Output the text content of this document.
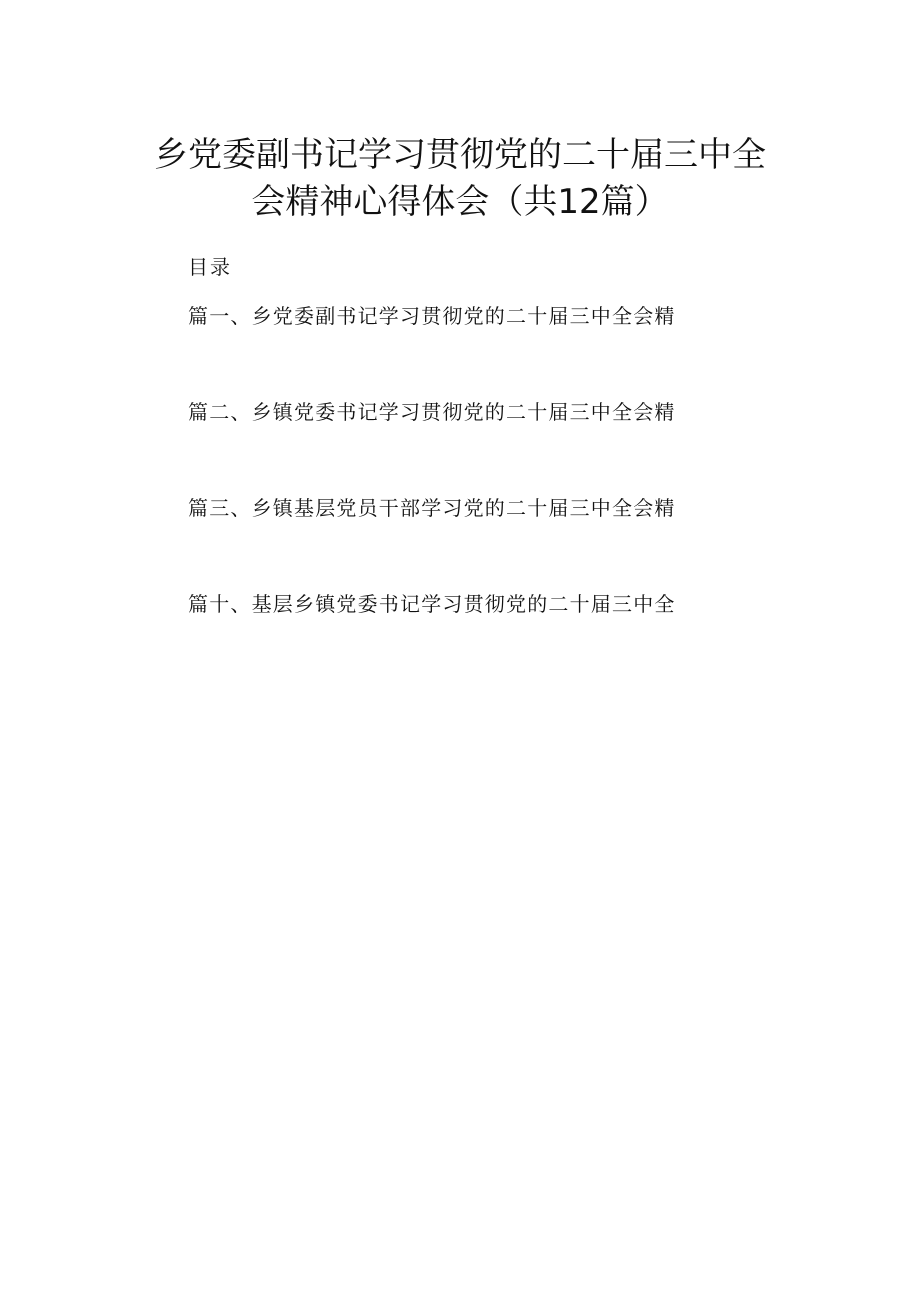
乡党委副书记学习贯彻党的二十届三中全
会精神心得体会（共12篇）
目录
篇一、乡党委副书记学习贯彻党的二十届三中全会精
篇二、乡镇党委书记学习贯彻党的二十届三中全会精
篇三、乡镇基层党员干部学习党的二十届三中全会精
篇十、基层乡镇党委书记学习贯彻党的二十届三中全
